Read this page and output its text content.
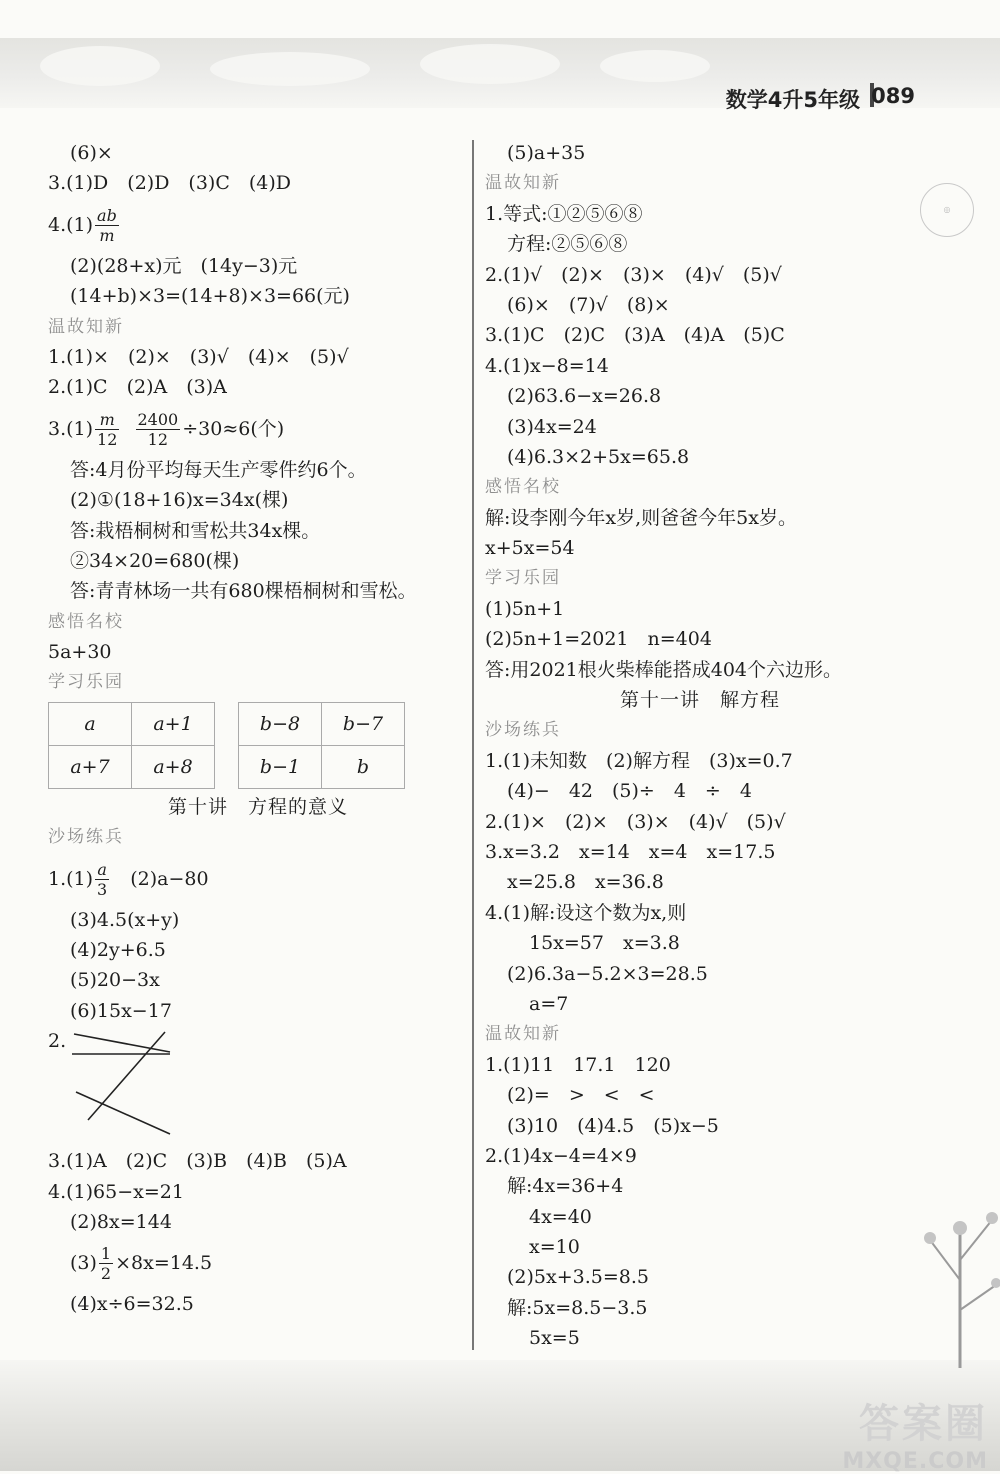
数学4升5年级 089
◎
(6)×
3.(1)D　(2)D　(3)C　(4)D
$4.(1) \frac{ab}{m}$
(2)(28+x)元　(14y−3)元
(14+b)×3=(14+8)×3=66(元)
温故知新
1.(1)×　(2)×　(3)√　(4)×　(5)√
2.(1)C　(2)A　(3)A
$3.(1) \frac{m}{12}$
$\frac{2400}{12} \div 30\approx 6$(个)
答:4月份平均每天生产零件约6个。
(2)①(18+16)x=34x(棵)
答:栽梧桐树和雪松共34x棵。
②34×20=680(棵)
答:青青林场一共有680棵梧桐树和雪松。
感悟名校
5a+30
学习乐园
a	a+1
a+7	a+8
b−8	b−7
b−1	b
第十讲　方程的意义
沙场练兵
$1.(1) \frac{a}{3}$ 　(2)a−80
(3)4.5(x+y)
(4)2y+6.5
(5)20−3x
(6)15x−17
2.
3.(1)A　(2)C　(3)B　(4)B　(5)A
4.(1)65−x=21
(2)8x=144
$(3) \frac{1}{2} \times 8x=14.5$
(4)x÷6=32.5
(5)a+35
温故知新
1.等式:①②⑤⑥⑧
方程:②⑤⑥⑧
2.(1)√　(2)×　(3)×　(4)√　(5)√
(6)×　(7)√　(8)×
3.(1)C　(2)C　(3)A　(4)A　(5)C
4.(1)x−8=14
(2)63.6−x=26.8
(3)4x=24
(4)6.3×2+5x=65.8
感悟名校
解:设李刚今年x岁,则爸爸今年5x岁。
x+5x=54
学习乐园
(1)5n+1
(2)5n+1=2021　n=404
答:用2021根火柴棒能搭成404个六边形。
第十一讲　解方程
沙场练兵
1.(1)未知数　(2)解方程　(3)x=0.7
(4)−　42　(5)÷　4　÷　4
2.(1)×　(2)×　(3)×　(4)√　(5)√
3.x=3.2　x=14　x=4　x=17.5
x=25.8　x=36.8
4.(1)解:设这个数为x,则
15x=57　x=3.8
(2)6.3a−5.2×3=28.5
a=7
温故知新
1.(1)11　17.1　120
(2)=　>　<　<
(3)10　(4)4.5　(5)x−5
2.(1)4x−4=4×9
解:4x=36+4
4x=40
x=10
(2)5x+3.5=8.5
解:5x=8.5−3.5
5x=5
答案圈
MXQE.COM
